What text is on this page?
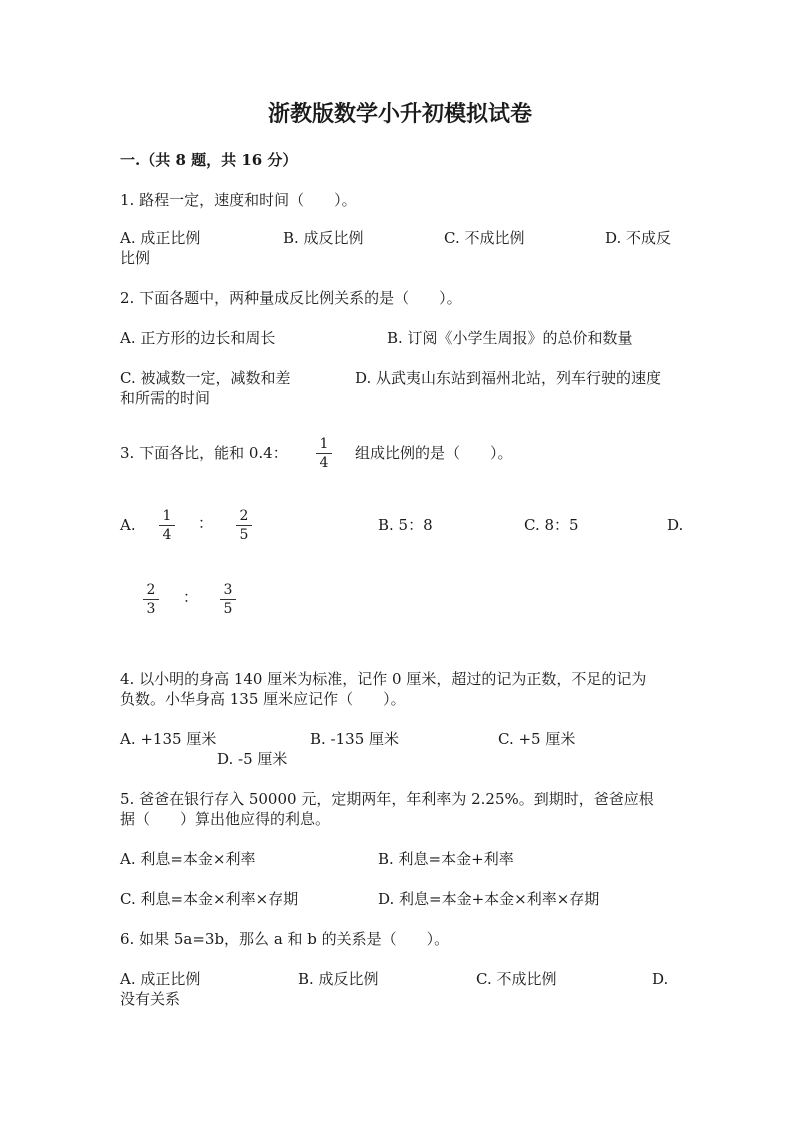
浙教版数学小升初模拟试卷
一.（共 8 题，共 16 分）
1. 路程一定，速度和时间（　　）。
A. 成正比例	B. 成反比例	C. 不成比例	D. 不成反
比例
2. 下面各题中，两种量成反比例关系的是（　　）。
A. 正方形的边长和周长	B. 订阅《小学生周报》的总价和数量
C. 被减数一定，减数和差	D. 从武夷山东站到福州北站，列车行驶的速度
和所需的时间
3. 下面各比，能和 0.4：	1
4
组成比例的是（　　）。
A.	1
4
：	2
5
B. 5：8	C. 8：5	D.
2
3
：	3
5
4. 以小明的身高 140 厘米为标准，记作 0 厘米，超过的记为正数，不足的记为
负数。小华身高 135 厘米应记作（　　）。
A. +135 厘米	B. -135 厘米	C. +5 厘米
D. -5 厘米
5. 爸爸在银行存入 50000 元，定期两年，年利率为 2.25%。到期时，爸爸应根
据（　　）算出他应得的利息。
A. 利息=本金×利率	B. 利息=本金+利率
C. 利息=本金×利率×存期	D. 利息=本金+本金×利率×存期
6. 如果 5a=3b，那么 a 和 b 的关系是（　　）。
A. 成正比例	B. 成反比例	C. 不成比例	D.
没有关系
